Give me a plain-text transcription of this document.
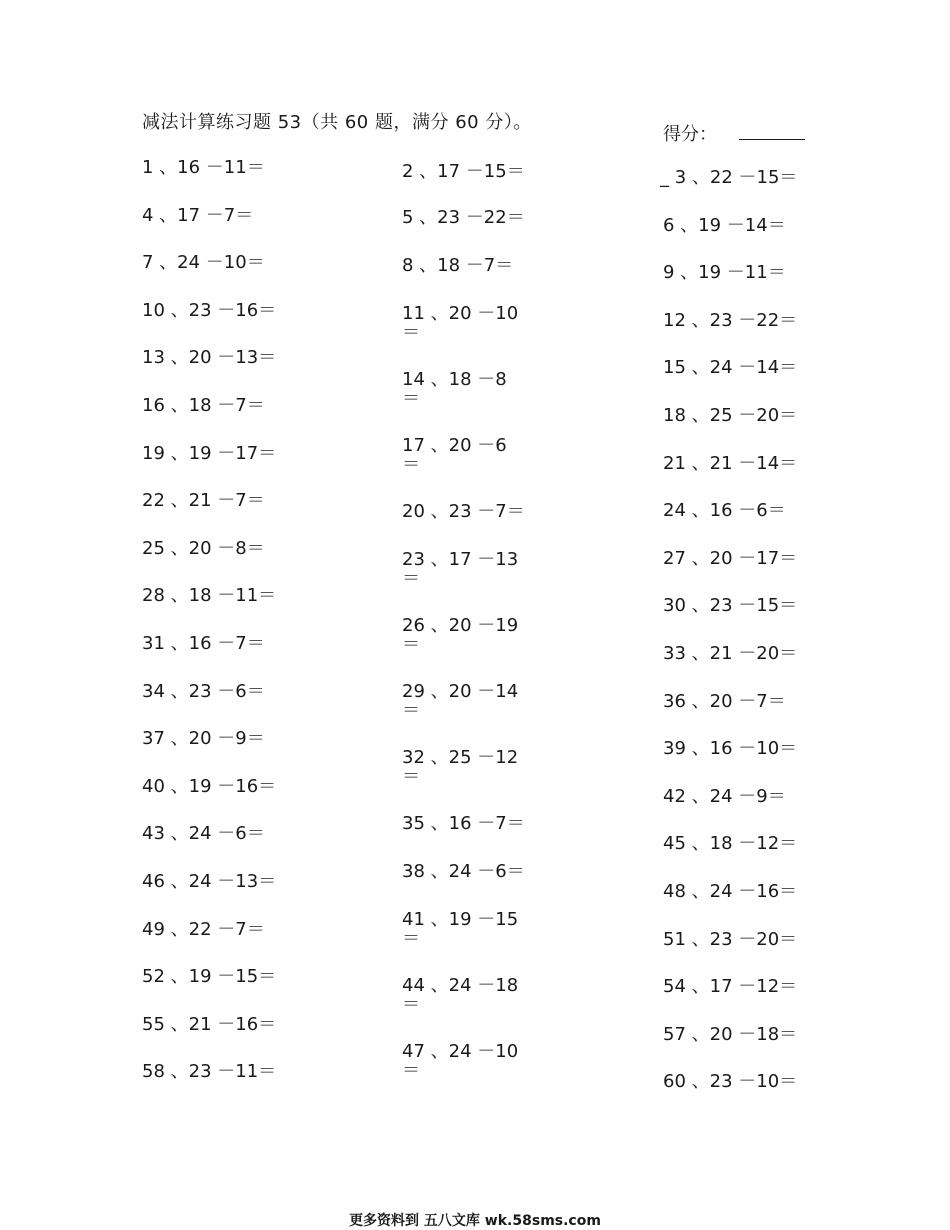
减法计算练习题 53（共 60 题，满分 60 分）。
得分：
1 、16 －11＝
4 、17 －7＝
7 、24 －10＝
10 、23 －16＝
13 、20 －13＝
16 、18 －7＝
19 、19 －17＝
22 、21 －7＝
25 、20 －8＝
28 、18 －11＝
31 、16 －7＝
34 、23 －6＝
37 、20 －9＝
40 、19 －16＝
43 、24 －6＝
46 、24 －13＝
49 、22 －7＝
52 、19 －15＝
55 、21 －16＝
58 、23 －11＝
2 、17 －15＝
5 、23 －22＝
8 、18 －7＝
11 、20 －10
＝
14 、18 －8
＝
17 、20 －6
＝
20 、23 －7＝
23 、17 －13
＝
26 、20 －19
＝
29 、20 －14
＝
32 、25 －12
＝
35 、16 －7＝
38 、24 －6＝
41 、19 －15
＝
44 、24 －18
＝
47 、24 －10
＝
_ 3 、22 －15＝
6 、19 －14＝
9 、19 －11＝
12 、23 －22＝
15 、24 －14＝
18 、25 －20＝
21 、21 －14＝
24 、16 －6＝
27 、20 －17＝
30 、23 －15＝
33 、21 －20＝
36 、20 －7＝
39 、16 －10＝
42 、24 －9＝
45 、18 －12＝
48 、24 －16＝
51 、23 －20＝
54 、17 －12＝
57 、20 －18＝
60 、23 －10＝
更多资料到 五八文库 wk.58sms.com
